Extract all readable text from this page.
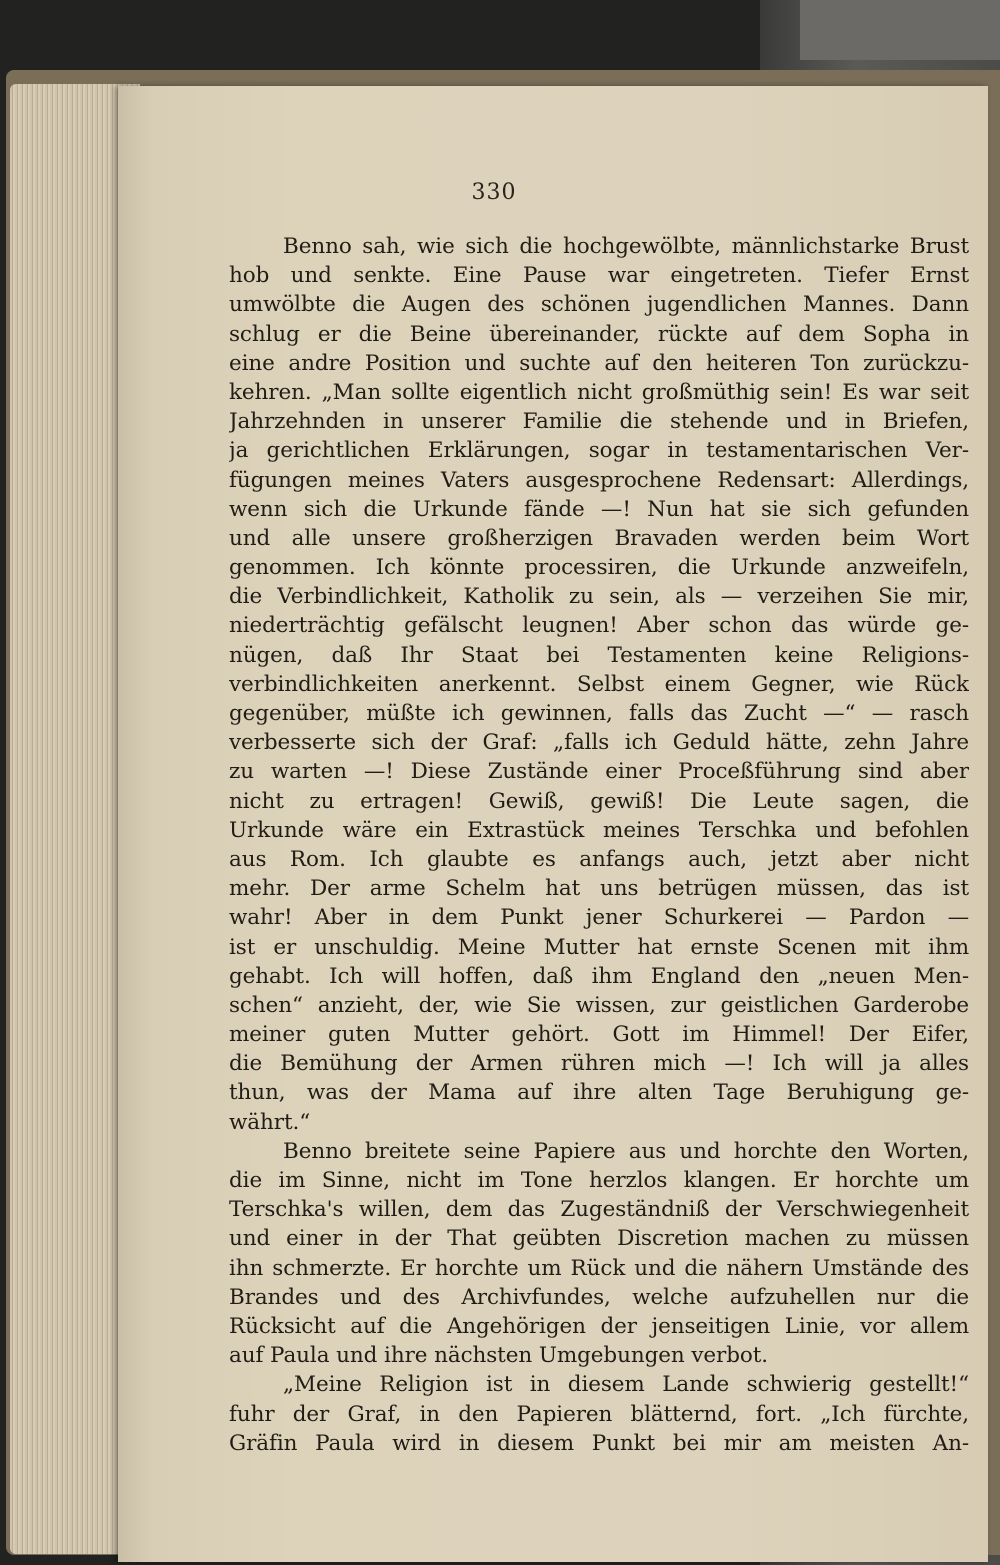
330
Benno sah, wie sich die hochgewölbte, männlichstarke Brust
hob und senkte. Eine Pause war eingetreten. Tiefer Ernst
umwölbte die Augen des schönen jugendlichen Mannes. Dann
schlug er die Beine übereinander, rückte auf dem Sopha in
eine andre Position und suchte auf den heiteren Ton zurückzu-
kehren. „Man sollte eigentlich nicht großmüthig sein! Es war seit
Jahrzehnden in unserer Familie die stehende und in Briefen,
ja gerichtlichen Erklärungen, sogar in testamentarischen Ver-
fügungen meines Vaters ausgesprochene Redensart: Allerdings,
wenn sich die Urkunde fände —! Nun hat sie sich gefunden
und alle unsere großherzigen Bravaden werden beim Wort
genommen. Ich könnte processiren, die Urkunde anzweifeln,
die Verbindlichkeit, Katholik zu sein, als — verzeihen Sie mir,
niederträchtig gefälscht leugnen! Aber schon das würde ge-
nügen, daß Ihr Staat bei Testamenten keine Religions-
verbindlichkeiten anerkennt. Selbst einem Gegner, wie Rück
gegenüber, müßte ich gewinnen, falls das Zucht —“ — rasch
verbesserte sich der Graf: „falls ich Geduld hätte, zehn Jahre
zu warten —! Diese Zustände einer Proceßführung sind aber
nicht zu ertragen! Gewiß, gewiß! Die Leute sagen, die
Urkunde wäre ein Extrastück meines Terschka und befohlen
aus Rom. Ich glaubte es anfangs auch, jetzt aber nicht
mehr. Der arme Schelm hat uns betrügen müssen, das ist
wahr! Aber in dem Punkt jener Schurkerei — Pardon —
ist er unschuldig. Meine Mutter hat ernste Scenen mit ihm
gehabt. Ich will hoffen, daß ihm England den „neuen Men-
schen“ anzieht, der, wie Sie wissen, zur geistlichen Garderobe
meiner guten Mutter gehört. Gott im Himmel! Der Eifer,
die Bemühung der Armen rühren mich —! Ich will ja alles
thun, was der Mama auf ihre alten Tage Beruhigung ge-
währt.“
Benno breitete seine Papiere aus und horchte den Worten,
die im Sinne, nicht im Tone herzlos klangen. Er horchte um
Terschka's willen, dem das Zugeständniß der Verschwiegenheit
und einer in der That geübten Discretion machen zu müssen
ihn schmerzte. Er horchte um Rück und die nähern Umstände des
Brandes und des Archivfundes, welche aufzuhellen nur die
Rücksicht auf die Angehörigen der jenseitigen Linie, vor allem
auf Paula und ihre nächsten Umgebungen verbot.
„Meine Religion ist in diesem Lande schwierig gestellt!“
fuhr der Graf, in den Papieren blätternd, fort. „Ich fürchte,
Gräfin Paula wird in diesem Punkt bei mir am meisten An-
